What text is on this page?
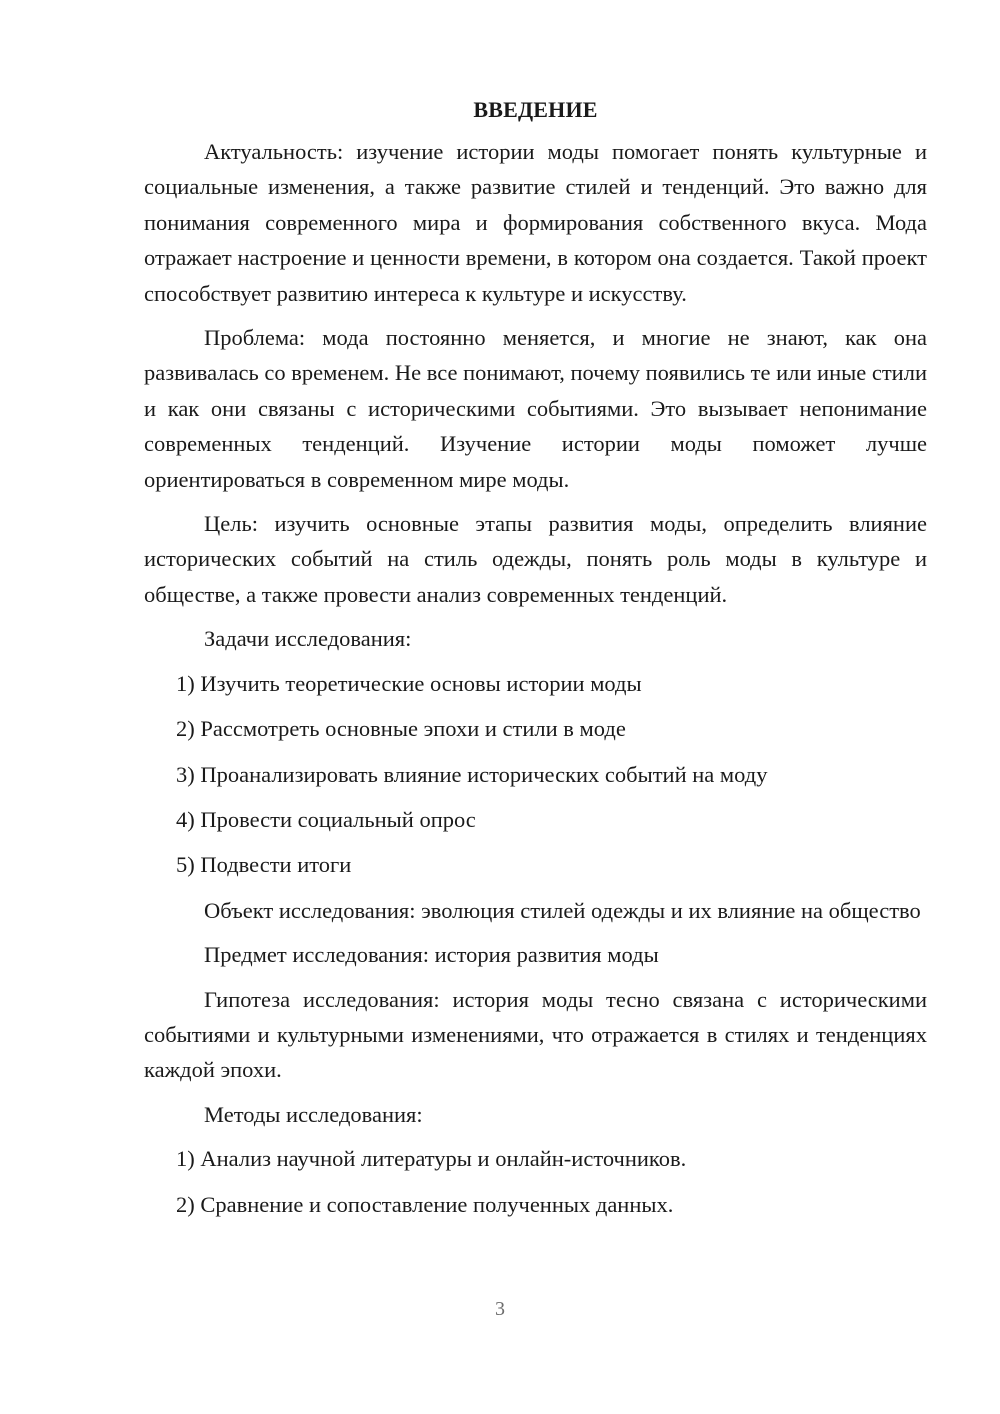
ВВЕДЕНИЕ

Актуальность: изучение истории моды помогает понять культурные и социальные изменения, а также развитие стилей и тенденций. Это важно для понимания современного мира и формирования собственного вкуса. Мода отражает настроение и ценности времени, в котором она создается. Такой проект способствует развитию интереса к культуре и искусству.

Проблема: мода постоянно меняется, и многие не знают, как она развивалась со временем. Не все понимают, почему появились те или иные стили и как они связаны с историческими событиями. Это вызывает непонимание современных тенденций. Изучение истории моды поможет лучше ориентироваться в современном мире моды.

Цель: изучить основные этапы развития моды, определить влияние исторических событий на стиль одежды, понять роль моды в культуре и обществе, а также провести анализ современных тенденций.

Задачи исследования:

1) Изучить теоретические основы истории моды
2) Рассмотреть основные эпохи и стили в моде
3) Проанализировать влияние исторических событий на моду
4) Провести социальный опрос
5) Подвести итоги

Объект исследования: эволюция стилей одежды и их влияние на общество

Предмет исследования: история развития моды

Гипотеза исследования: история моды тесно связана с историческими событиями и культурными изменениями, что отражается в стилях и тенденциях каждой эпохи.

Методы исследования:

1) Анализ научной литературы и онлайн-источников.
2) Сравнение и сопоставление полученных данных.
3
